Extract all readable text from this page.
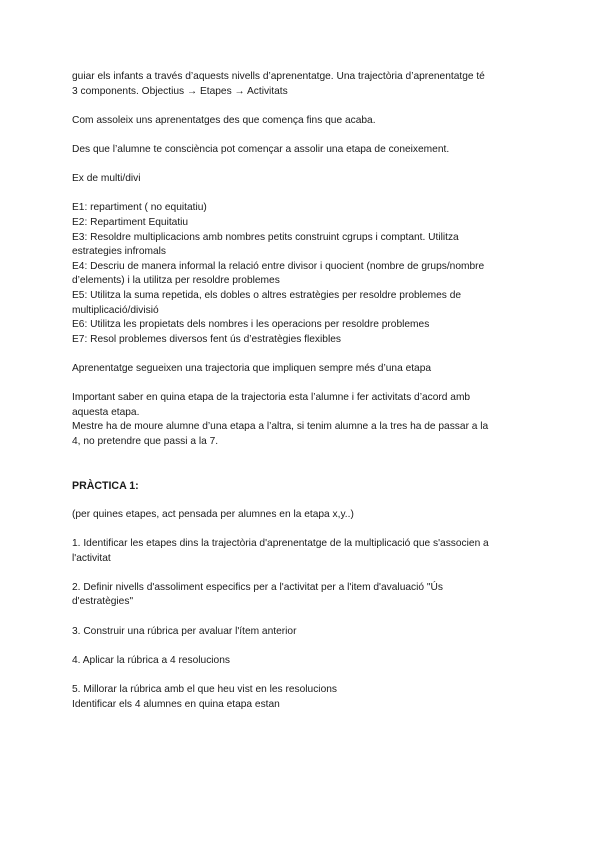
guiar els infants a través d’aquests nivells d’aprenentatge. Una trajectòria d’aprenentatge té

3 components. Objectius → Etapes → Activitats

Com assoleix uns aprenentatges des que comença fins que acaba.

Des que l’alumne te consciència pot començar a assolir una etapa de coneixement.

Ex de multi/divi

E1: repartiment ( no equitatiu)

E2: Repartiment Equitatiu

E3: Resoldre multiplicacions amb nombres petits construint cgrups i comptant. Utilitza

estrategies infromals

E4: Descriu de manera informal la relació entre divisor i quocient (nombre de grups/nombre

d’elements) i la utilitza per resoldre problemes

E5: Utilitza la suma repetida, els dobles o altres estratègies per resoldre problemes de

multiplicació/divisió

E6: Utilitza les propietats dels nombres i les operacions per resoldre problemes

E7: Resol problemes diversos fent ús d’estratègies flexibles

Aprenentatge segueixen una trajectoria que impliquen sempre més d’una etapa

Important saber en quina etapa de la trajectoria esta l’alumne i fer activitats d’acord amb

aquesta etapa.

Mestre ha de moure alumne d’una etapa a l’altra, si tenim alumne a la tres ha de passar a la

4, no pretendre que passi a la 7.

PRÀCTICA 1:

(per quines etapes, act pensada per alumnes en la etapa x,y..)

1. Identificar les etapes dins la trajectòria d'aprenentatge de la multiplicació que s'associen a

l'activitat

2. Definir nivells d'assoliment especifics per a l'activitat per a l'item d'avaluació "Ús

d'estratègies"

3. Construir una rúbrica per avaluar l'ítem anterior

4. Aplicar la rúbrica a 4 resolucions

5. Millorar la rúbrica amb el que heu vist en les resolucions

Identificar els 4 alumnes en quina etapa estan
